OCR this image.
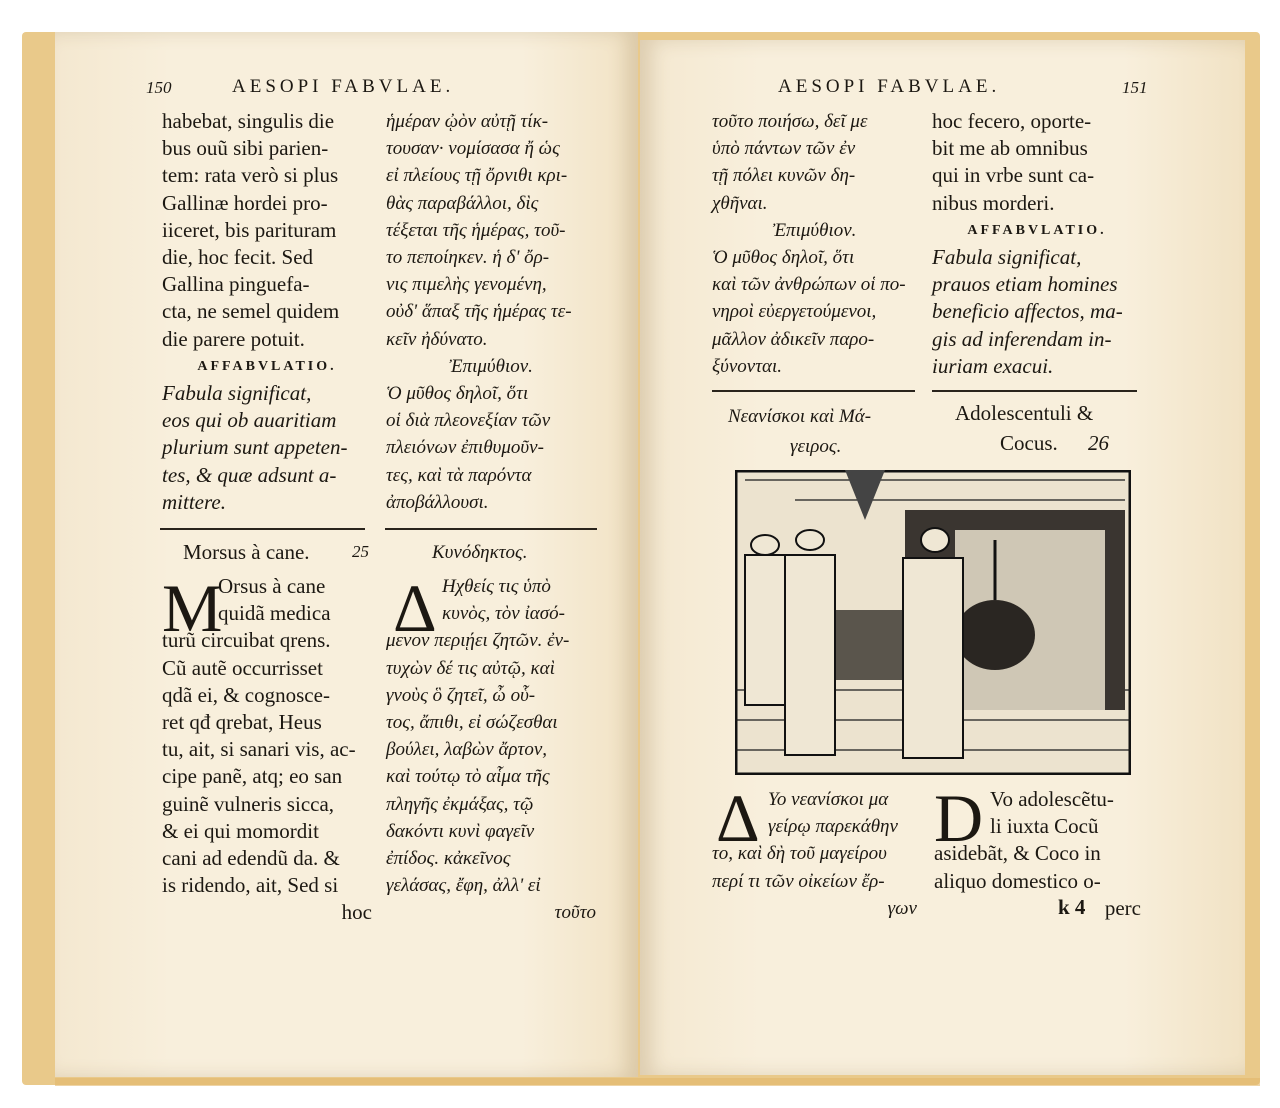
150	AESOPI FABVLAE.	AESOPI FABVLAE.	151
habebat, singulis die
bus ouũ sibi parien-
tem: rata verò si plus
Gallinæ hordei pro-
iiceret, bis parituram
die, hoc fecit. Sed
Gallina pinguefa-
cta, ne semel quidem
die parere potuit.
AFFABVLATIO.
Fabula significat,
eos qui ob auaritiam
plurium sunt appeten-
tes, & quæ adsunt a-
mittere.
ἡμέραν ᾠὸν αὐτῇ τίκ-
τουσαν· νομίσασα ἤ ὡς
εἰ πλείους τῇ ὄρνιθι κρι-
θὰς παραβάλλοι, δὶς
τέξεται τῆς ἡμέρας, τοῦ-
το πεποίηκεν. ἡ δ' ὄρ-
νις πιμελὴς γενομένη,
οὐδ' ἅπαξ τῆς ἡμέρας τε-
κεῖν ἠδύνατο.
Ἐπιμύθιον.
Ὁ μῦθος δηλοῖ, ὅτι
οἱ διὰ πλεονεξίαν τῶν
πλειόνων ἐπιθυμοῦν-
τες, καὶ τὰ παρόντα
ἀποβάλλουσι.
Morsus à cane. 25	Κυνόδηκτος.
M	Δ
Orsus à cane
quidã medica
turũ circuibat qrens.
Cũ autẽ occurrisset
qdã ei, & cognosce-
ret qđ qrebat, Heus
tu, ait, si sanari vis, ac-
cipe panẽ, atq; eo san
guinẽ vulneris sicca,
& ei qui momordit
cani ad edendũ da. &
is ridendo, ait, Sed si
hoc
Ηχθείς τις ὑπὸ
κυνὸς, τὸν ἰασό-
μενον περιῄει ζητῶν. ἐν-
τυχὼν δέ τις αὐτῷ, καὶ
γνοὺς ὃ ζητεῖ, ὦ οὗ-
τος, ἄπιθι, εἰ σώζεσθαι
βούλει, λαβὼν ἄρτον,
καὶ τούτῳ τὸ αἷμα τῆς
πληγῆς ἐκμάξας, τῷ
δακόντι κυνὶ φαγεῖν
ἐπίδος. κἀκεῖνος
γελάσας, ἔφη, ἀλλ' εἰ
τοῦτο
τοῦτο ποιήσω, δεῖ με
ὑπὸ πάντων τῶν ἐν
τῇ πόλει κυνῶν δη-
χθῆναι.
Ἐπιμύθιον.
Ὁ μῦθος δηλοῖ, ὅτι
καὶ τῶν ἀνθρώπων οἱ πο-
νηροὶ εὐεργετούμενοι,
μᾶλλον ἀδικεῖν παρο-
ξύνονται.
hoc fecero, oporte-
bit me ab omnibus
qui in vrbe sunt ca-
nibus morderi.
AFFABVLATIO.
Fabula significat,
prauos etiam homines
beneficio affectos, ma-
gis ad inferendam in-
iuriam exacui.
Νεανίσκοι καὶ Μά-
γειρος.
Adolescentuli &
Cocus. 26
Δ	D
Υο νεανίσκοι μα
γείρῳ παρεκάθην
το, καὶ δὴ τοῦ μαγείρου
περί τι τῶν οἰκείων ἔρ-
γων
Vo adolescẽtu-
li iuxta Cocũ
asidebãt, & Coco in
aliquo domestico o-
perc
k 4
